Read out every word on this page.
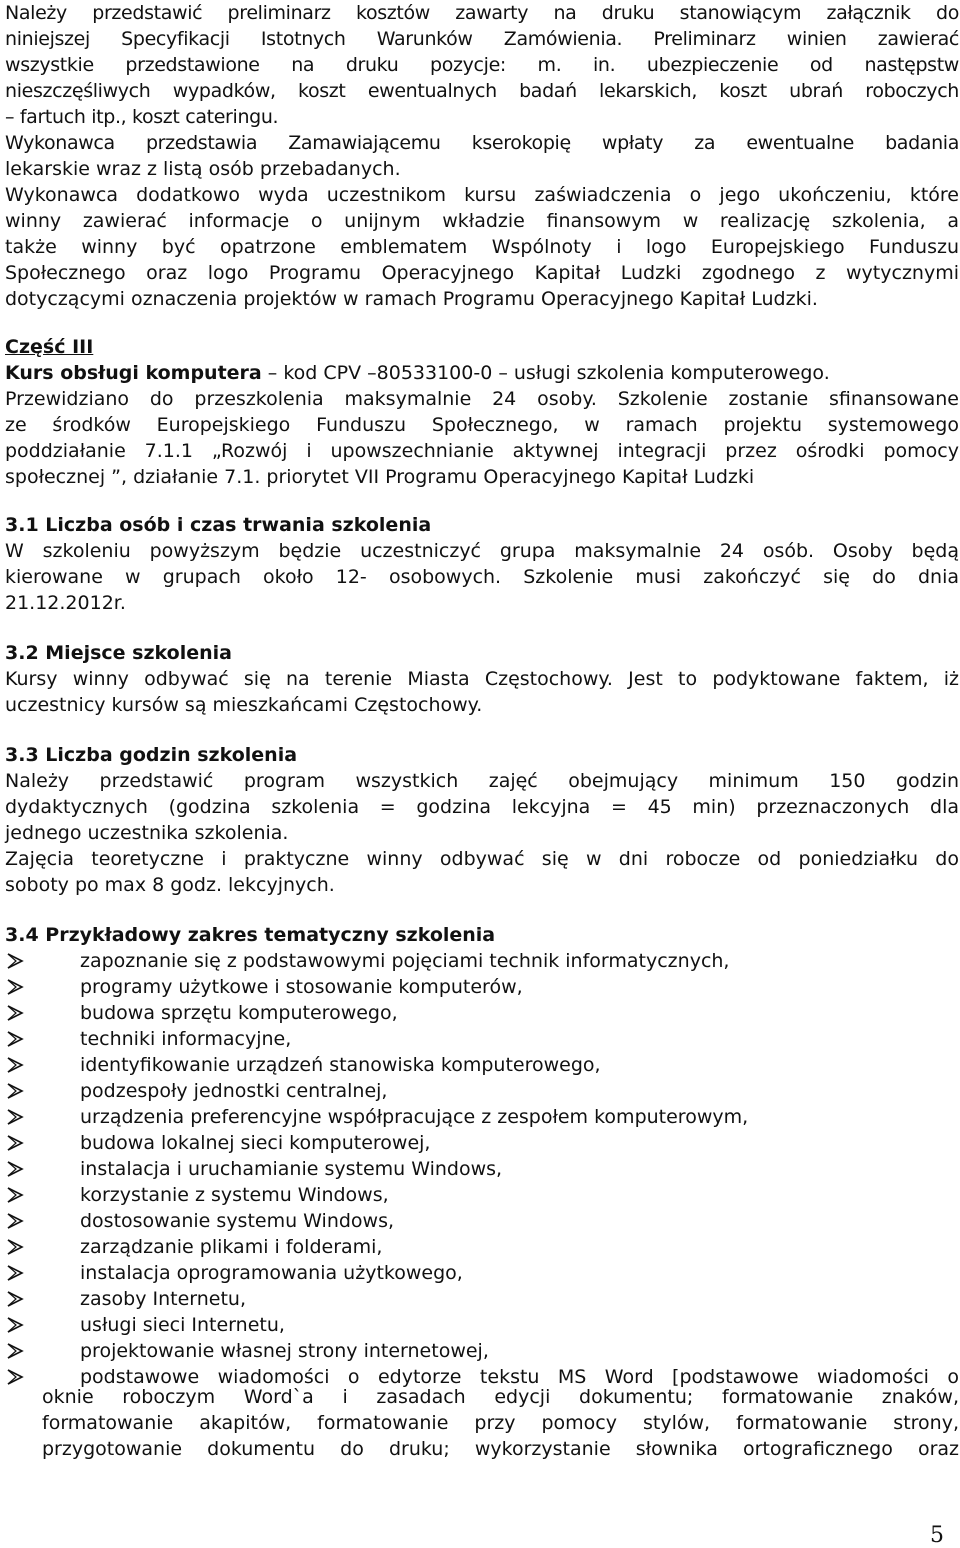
Należy przedstawić preliminarz kosztów zawarty na druku stanowiącym załącznik do
niniejszej Specyfikacji Istotnych Warunków Zamówienia. Preliminarz winien zawierać
wszystkie przedstawione na druku pozycje: m. in. ubezpieczenie od następstw
nieszczęśliwych wypadków, koszt ewentualnych badań lekarskich, koszt ubrań roboczych
– fartuch itp., koszt cateringu.
Wykonawca przedstawia Zamawiającemu kserokopię wpłaty za ewentualne badania
lekarskie wraz z listą osób przebadanych.
Wykonawca dodatkowo wyda uczestnikom kursu zaświadczenia o jego ukończeniu, które
winny zawierać informacje o unijnym wkładzie finansowym w realizację szkolenia, a
także winny być opatrzone emblematem Wspólnoty i logo Europejskiego Funduszu
Społecznego oraz logo Programu Operacyjnego Kapitał Ludzki zgodnego z wytycznymi
dotyczącymi oznaczenia projektów w ramach Programu Operacyjnego Kapitał Ludzki.
Część III
Kurs obsługi komputera – kod CPV –80533100-0 – usługi szkolenia komputerowego.
Przewidziano do przeszkolenia maksymalnie 24 osoby. Szkolenie zostanie sfinansowane
ze środków Europejskiego Funduszu Społecznego, w ramach projektu systemowego
poddziałanie 7.1.1 „Rozwój i upowszechnianie aktywnej integracji przez ośrodki pomocy
społecznej ”, działanie 7.1. priorytet VII Programu Operacyjnego Kapitał Ludzki
3.1 Liczba osób i czas trwania szkolenia
W szkoleniu powyższym będzie uczestniczyć grupa maksymalnie 24 osób. Osoby będą
kierowane w grupach około 12- osobowych. Szkolenie musi zakończyć się do dnia
21.12.2012r.
3.2 Miejsce szkolenia
Kursy winny odbywać się na terenie Miasta Częstochowy. Jest to podyktowane faktem, iż
uczestnicy kursów są mieszkańcami Częstochowy.
3.3 Liczba godzin szkolenia
Należy przedstawić program wszystkich zajęć obejmujący minimum 150 godzin
dydaktycznych (godzina szkolenia = godzina lekcyjna = 45 min) przeznaczonych dla
jednego uczestnika szkolenia.
Zajęcia teoretyczne i praktyczne winny odbywać się w dni robocze od poniedziałku do
soboty po max 8 godz. lekcyjnych.
3.4 Przykładowy zakres tematyczny szkolenia
zapoznanie się z podstawowymi pojęciami technik informatycznych,
programy użytkowe i stosowanie komputerów,
budowa sprzętu komputerowego,
techniki informacyjne,
identyfikowanie urządzeń stanowiska komputerowego,
podzespoły jednostki centralnej,
urządzenia preferencyjne współpracujące z zespołem komputerowym,
budowa lokalnej sieci komputerowej,
instalacja i uruchamianie systemu Windows,
korzystanie z systemu Windows,
dostosowanie systemu Windows,
zarządzanie plikami i folderami,
instalacja oprogramowania użytkowego,
zasoby Internetu,
usługi sieci Internetu,
projektowanie własnej strony internetowej,
podstawowe wiadomości o edytorze tekstu MS Word [podstawowe wiadomości o
oknie roboczym Word`a i zasadach edycji dokumentu; formatowanie znaków,
formatowanie akapitów, formatowanie przy pomocy stylów, formatowanie strony,
przygotowanie dokumentu do druku; wykorzystanie słownika ortograficznego oraz
5
